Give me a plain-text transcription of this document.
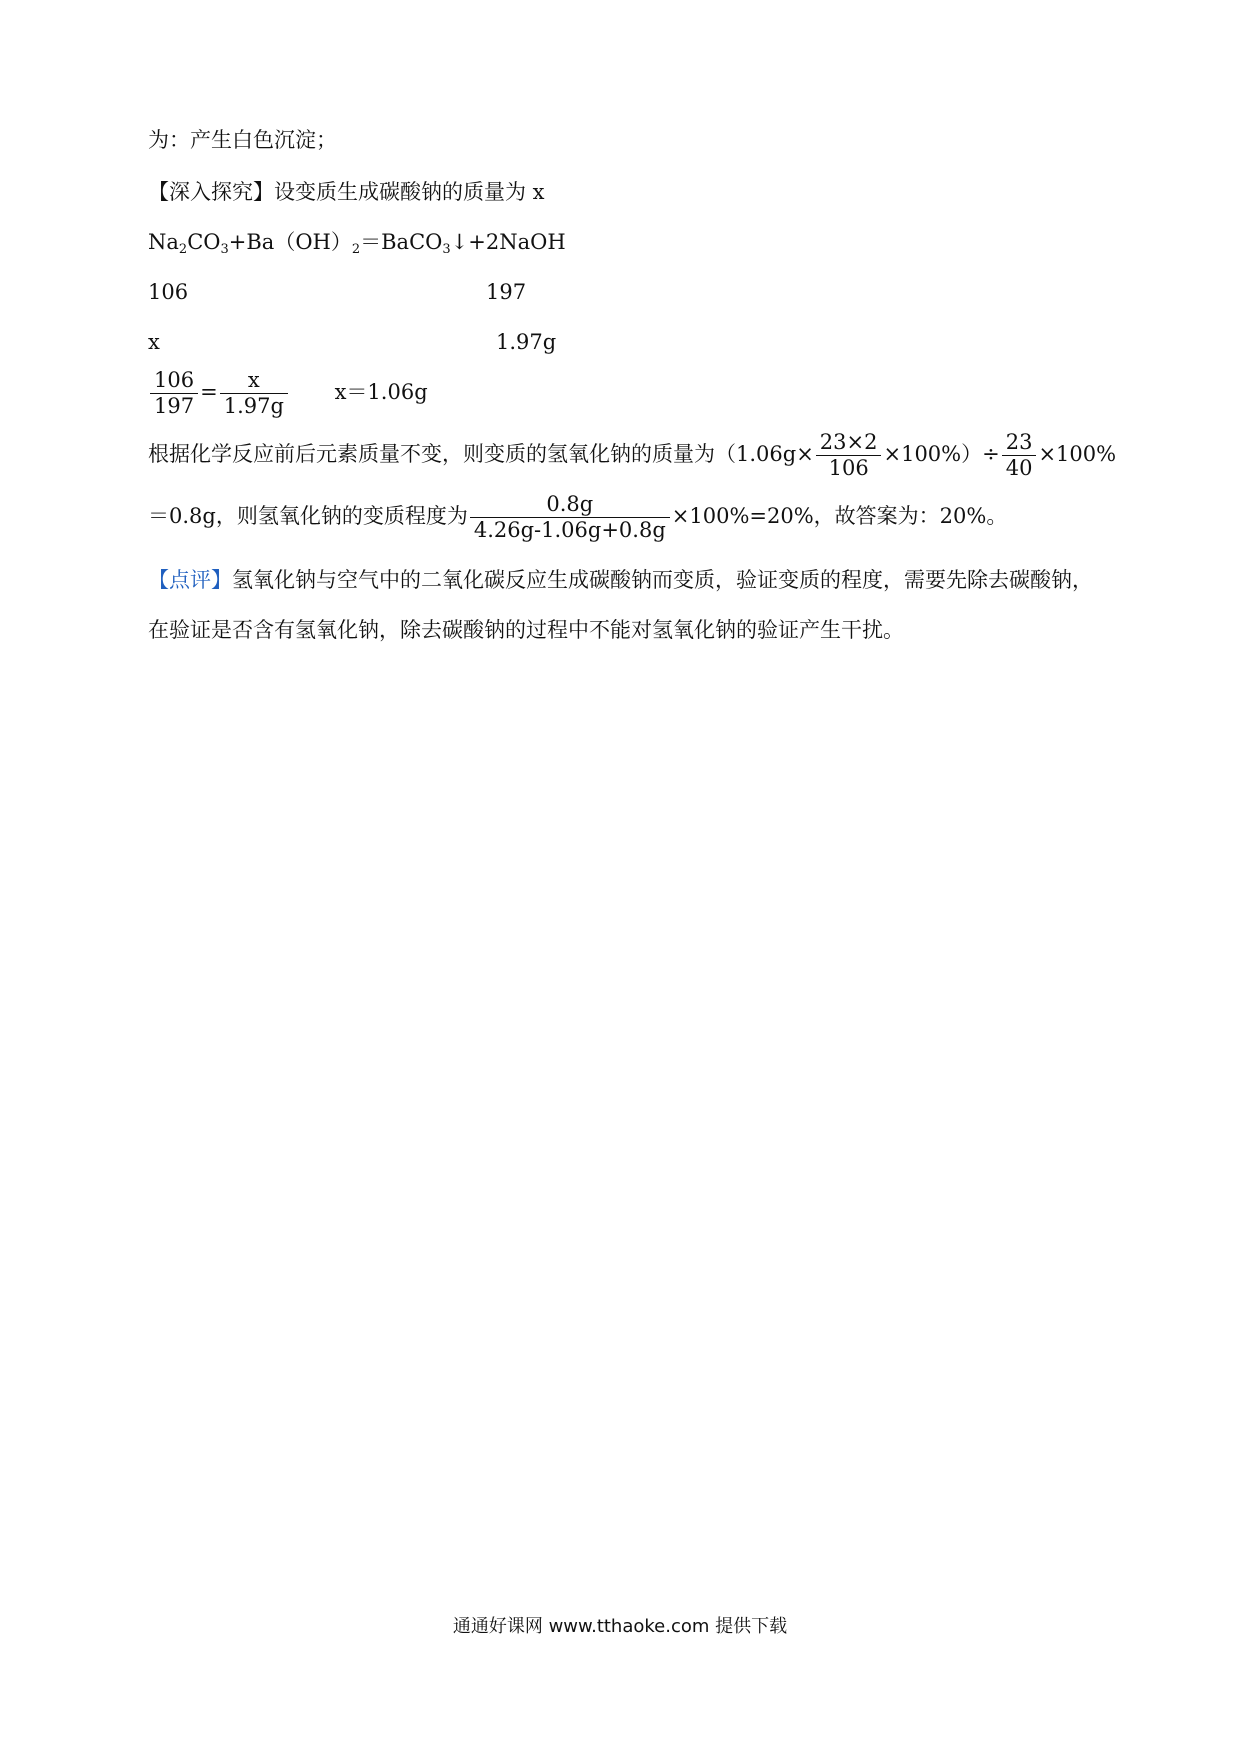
为：产生白色沉淀；
【深入探究】设变质生成碳酸钠的质量为 x
$Na_2CO_3+Ba(OH)_2=BaCO_3↓+2NaOH$
106	197
x	1.97g
$\frac{106}{197} = \frac{x}{1.97g} x=1.06g$
根据化学反应前后元素质量不变，则变质的氢氧化钠的质量为$(1.06g\times \frac{23\times 2}{106} \times 100\%)\div \frac{23}{40} \times 100\%$
＝0.8g，则氢氧化钠的变质程度为 $\frac{0.8g}{4.26g-1.06g+0.8g} \times 100\%=20\%$，故答案为：20%。
【点评】氢氧化钠与空气中的二氧化碳反应生成碳酸钠而变质，验证变质的程度，需要先除去碳酸钠，
在验证是否含有氢氧化钠，除去碳酸钠的过程中不能对氢氧化钠的验证产生干扰。
通通好课网 www.tthaoke.com 提供下载
